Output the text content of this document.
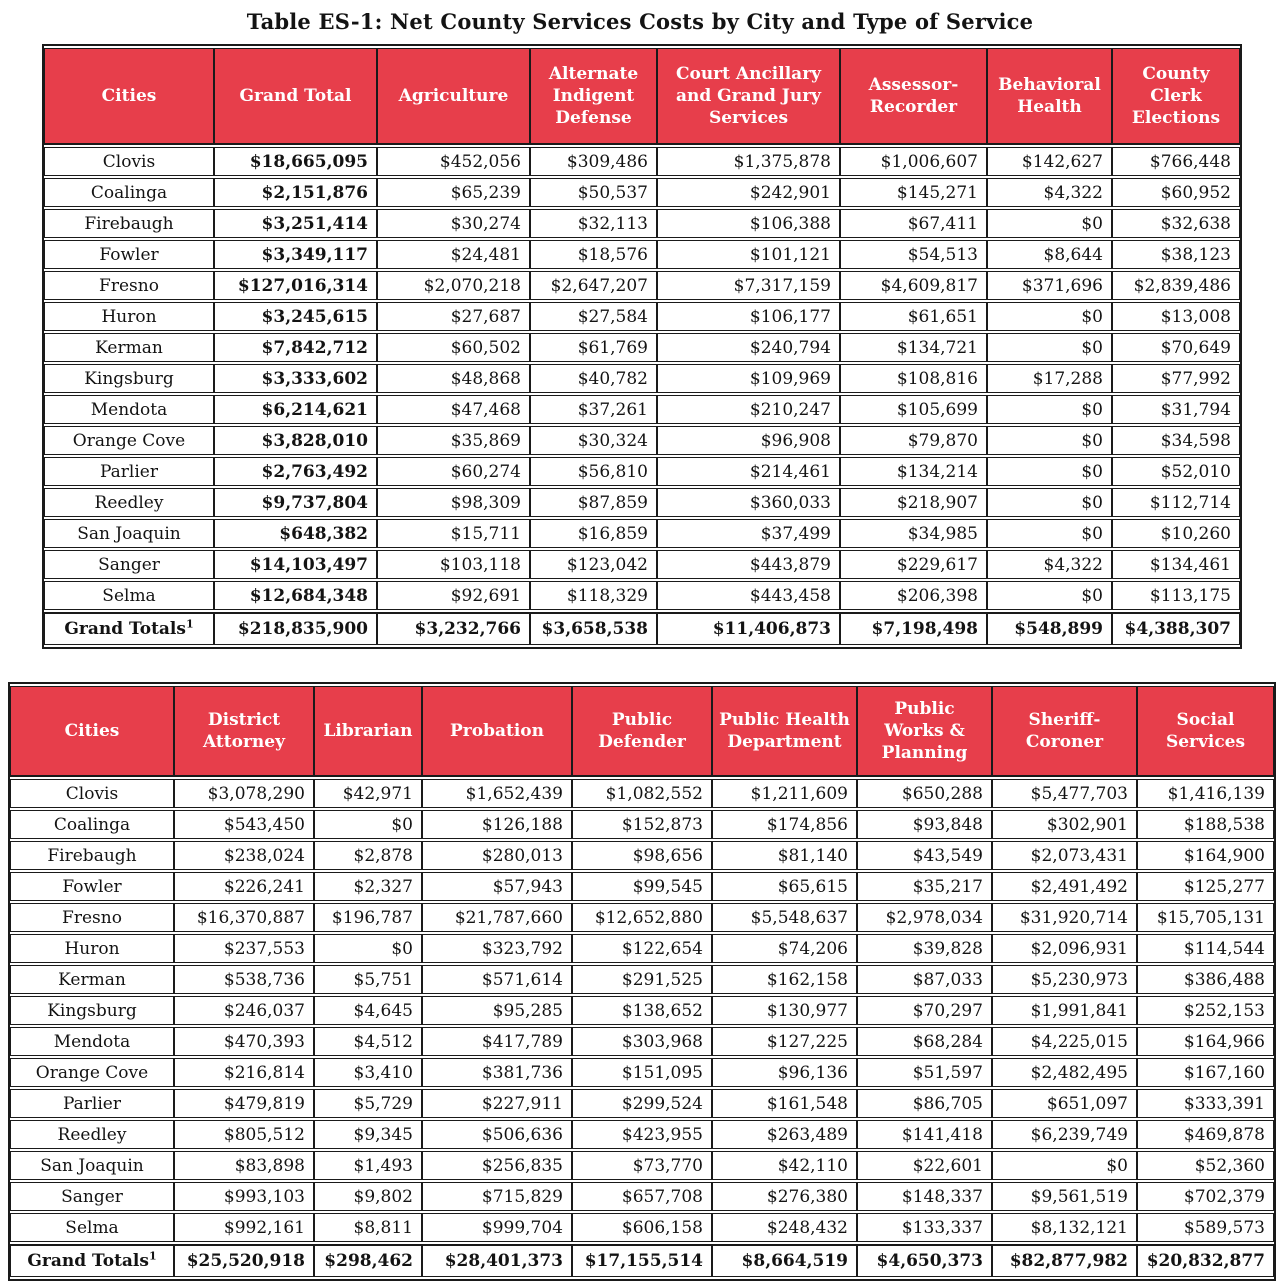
Table ES-1: Net County Services Costs by City and Type of Service
Cities	Grand Total	Agriculture	Alternate Indigent Defense	Court Ancillary and Grand Jury Services	Assessor-Recorder	Behavioral Health	County Clerk Elections
Clovis	$18,665,095	$452,056	$309,486	$1,375,878	$1,006,607	$142,627	$766,448
Coalinga	$2,151,876	$65,239	$50,537	$242,901	$145,271	$4,322	$60,952
Firebaugh	$3,251,414	$30,274	$32,113	$106,388	$67,411	$0	$32,638
Fowler	$3,349,117	$24,481	$18,576	$101,121	$54,513	$8,644	$38,123
Fresno	$127,016,314	$2,070,218	$2,647,207	$7,317,159	$4,609,817	$371,696	$2,839,486
Huron	$3,245,615	$27,687	$27,584	$106,177	$61,651	$0	$13,008
Kerman	$7,842,712	$60,502	$61,769	$240,794	$134,721	$0	$70,649
Kingsburg	$3,333,602	$48,868	$40,782	$109,969	$108,816	$17,288	$77,992
Mendota	$6,214,621	$47,468	$37,261	$210,247	$105,699	$0	$31,794
Orange Cove	$3,828,010	$35,869	$30,324	$96,908	$79,870	$0	$34,598
Parlier	$2,763,492	$60,274	$56,810	$214,461	$134,214	$0	$52,010
Reedley	$9,737,804	$98,309	$87,859	$360,033	$218,907	$0	$112,714
San Joaquin	$648,382	$15,711	$16,859	$37,499	$34,985	$0	$10,260
Sanger	$14,103,497	$103,118	$123,042	$443,879	$229,617	$4,322	$134,461
Selma	$12,684,348	$92,691	$118,329	$443,458	$206,398	$0	$113,175
Grand Totals$^1$	$218,835,900	$3,232,766	$3,658,538	$11,406,873	$7,198,498	$548,899	$4,388,307
Cities	District Attorney	Librarian	Probation	Public Defender	Public Health Department	Public Works & Planning	Sheriff-Coroner	Social Services
Clovis	$3,078,290	$42,971	$1,652,439	$1,082,552	$1,211,609	$650,288	$5,477,703	$1,416,139
Coalinga	$543,450	$0	$126,188	$152,873	$174,856	$93,848	$302,901	$188,538
Firebaugh	$238,024	$2,878	$280,013	$98,656	$81,140	$43,549	$2,073,431	$164,900
Fowler	$226,241	$2,327	$57,943	$99,545	$65,615	$35,217	$2,491,492	$125,277
Fresno	$16,370,887	$196,787	$21,787,660	$12,652,880	$5,548,637	$2,978,034	$31,920,714	$15,705,131
Huron	$237,553	$0	$323,792	$122,654	$74,206	$39,828	$2,096,931	$114,544
Kerman	$538,736	$5,751	$571,614	$291,525	$162,158	$87,033	$5,230,973	$386,488
Kingsburg	$246,037	$4,645	$95,285	$138,652	$130,977	$70,297	$1,991,841	$252,153
Mendota	$470,393	$4,512	$417,789	$303,968	$127,225	$68,284	$4,225,015	$164,966
Orange Cove	$216,814	$3,410	$381,736	$151,095	$96,136	$51,597	$2,482,495	$167,160
Parlier	$479,819	$5,729	$227,911	$299,524	$161,548	$86,705	$651,097	$333,391
Reedley	$805,512	$9,345	$506,636	$423,955	$263,489	$141,418	$6,239,749	$469,878
San Joaquin	$83,898	$1,493	$256,835	$73,770	$42,110	$22,601	$0	$52,360
Sanger	$993,103	$9,802	$715,829	$657,708	$276,380	$148,337	$9,561,519	$702,379
Selma	$992,161	$8,811	$999,704	$606,158	$248,432	$133,337	$8,132,121	$589,573
Grand Totals$^1$	$25,520,918	$298,462	$28,401,373	$17,155,514	$8,664,519	$4,650,373	$82,877,982	$20,832,877
